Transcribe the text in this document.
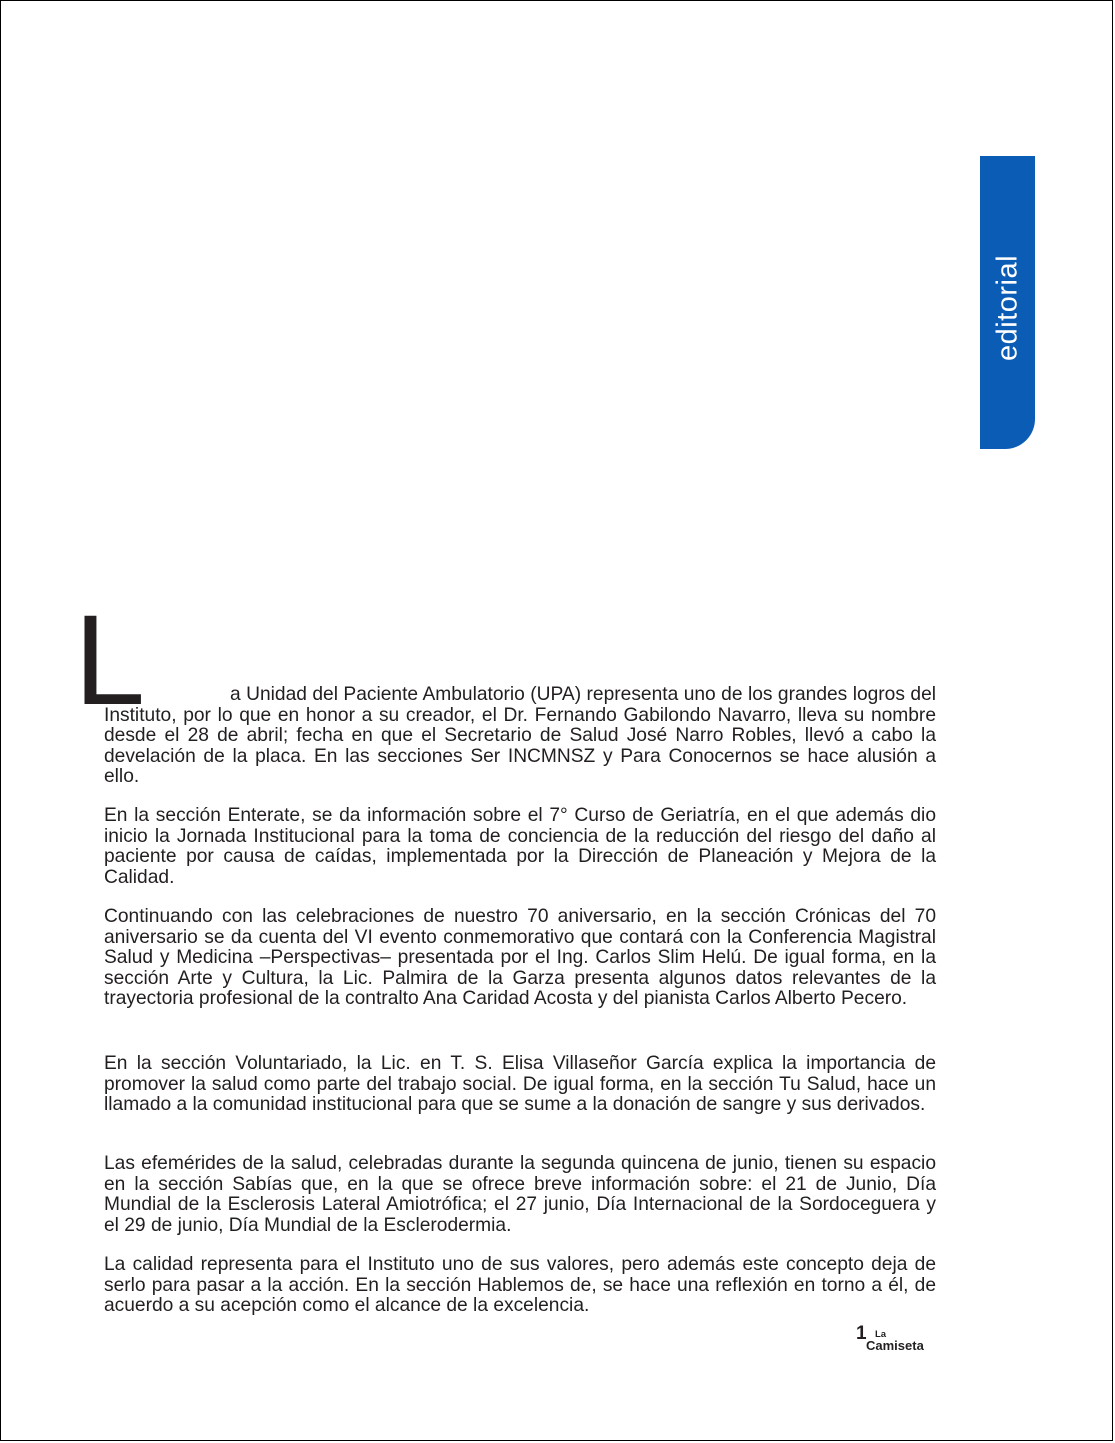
editorial
L	a Unidad del Paciente Ambulatorio (UPA) representa uno de los grandes logros del Instituto, por lo que en honor a su creador, el Dr. Fernando Gabilondo Navarro, lleva su nombre desde el 28 de abril; fecha en que el Secretario de Salud José Narro Robles, llevó a cabo la develación de la placa. En las secciones Ser INCMNSZ y Para Conocernos se hace alusión a ello.

En la sección Enterate, se da información sobre el 7° Curso de Geriatría, en el que además dio inicio la Jornada Institucional para la toma de conciencia de la reducción del riesgo del daño al paciente por causa de caídas, implementada por la Dirección de Planeación y Mejora de la Calidad.

Continuando con las celebraciones de nuestro 70 aniversario, en la sección Crónicas del 70 aniversario se da cuenta del VI evento conmemorativo que contará con la Conferencia Magistral Salud y Medicina –Perspectivas– presentada por el Ing. Carlos Slim Helú. De igual forma, en la sección Arte y Cultura, la Lic. Palmira de la Garza presenta algunos datos relevantes de la trayectoria profesional de la contralto Ana Caridad Acosta y del pianista Carlos Alberto Pecero.

En la sección Voluntariado, la Lic. en T. S. Elisa Villaseñor García explica la importancia de promover la salud como parte del trabajo social. De igual forma, en la sección Tu Salud, hace un llamado a la comunidad institucional para que se sume a la donación de sangre y sus derivados.

Las efemérides de la salud, celebradas durante la segunda quincena de junio, tienen su espacio en la sección Sabías que, en la que se ofrece breve información sobre: el 21 de Junio, Día Mundial de la Esclerosis Lateral Amiotrófica; el 27 junio, Día Internacional de la Sordoceguera y el 29 de junio, Día Mundial de la Esclerodermia.

La calidad representa para el Instituto uno de sus valores, pero además este concepto deja de serlo para pasar a la acción. En la sección Hablemos de, se hace una reflexión en torno a él, de acuerdo a su acepción como el alcance de la excelencia.

1 La
Camiseta
